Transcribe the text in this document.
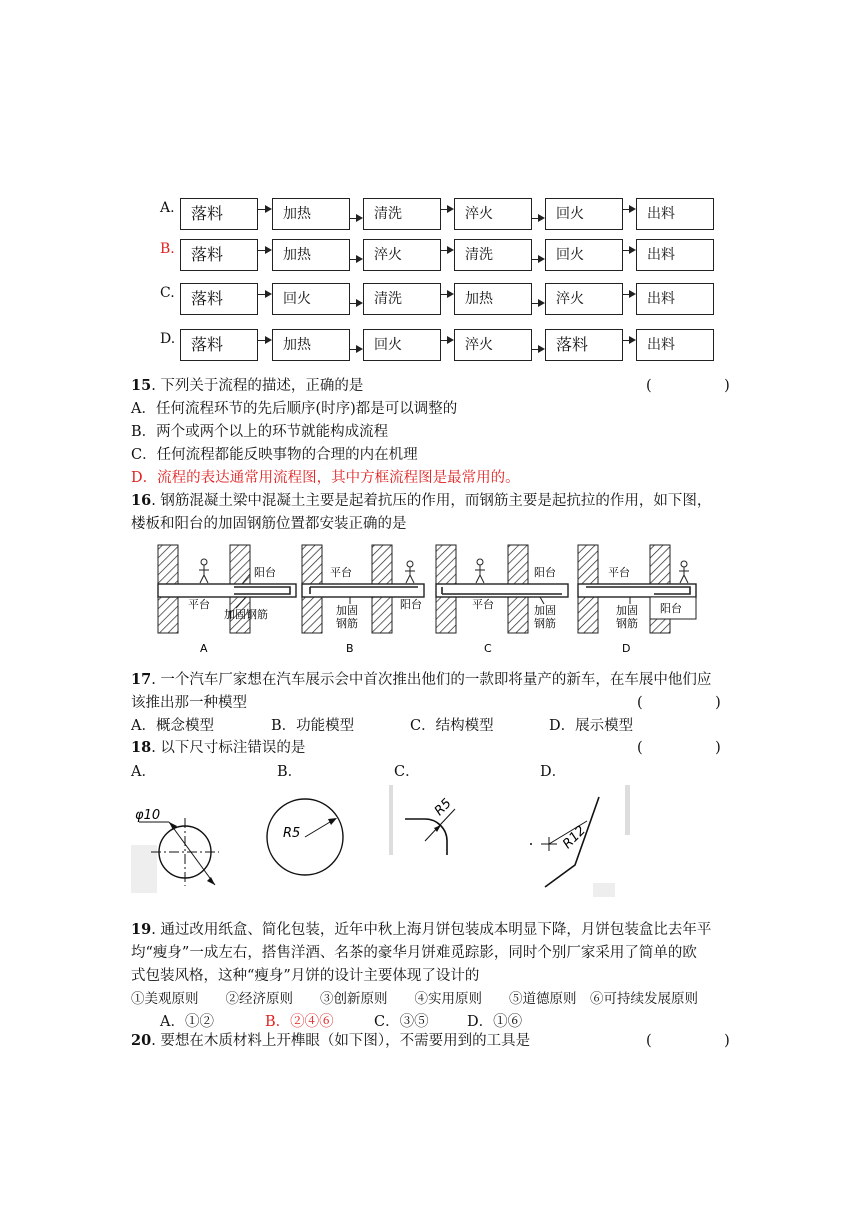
A.	落料	加热	清洗	淬火	回火	出料
B.	落料	加热	淬火	清洗	回火	出料
C.	落料	回火	清洗	加热	淬火	出料
D. 落料	加热	回火	淬火	落料	出料
15. 下列关于流程的描述，正确的是	(　　　　　)
A．任何流程环节的先后顺序(时序)都是可以调整的
B．两个或两个以上的环节就能构成流程
C．任何流程都能反映事物的合理的内在机理
D．流程的表达通常用流程图，其中方框流程图是最常用的。
16. 钢筋混凝土梁中混凝土主要是起着抗压的作用，而钢筋主要是起抗拉的作用，如下图，
楼板和阳台的加固钢筋位置都安装正确的是
阳台
平台
加固钢筋
A
平台
阳台
加固
钢筋
B
阳台
平台	加固
钢筋
C
平台
阳台
加固
钢筋
D
17. 一个汽车厂家想在汽车展示会中首次推出他们的一款即将量产的新车，在车展中他们应
该推出那一种模型	(　　　　　)
A．概念模型	B．功能模型	C．结构模型	D．展示模型
18. 以下尺寸标注错误的是	(　　　　　)
A．	B．	C．	D．
φ10
R5
R5
R12
19. 通过改用纸盒、简化包装，近年中秋上海月饼包装成本明显下降，月饼包装盒比去年平
均“瘦身”一成左右，搭售洋酒、名茶的豪华月饼难觅踪影，同时个别厂家采用了简单的欧
式包装风格，这种“瘦身”月饼的设计主要体现了设计的
①美观原则　　②经济原则　　③创新原则　　④实用原则　　⑤道德原则　⑥可持续发展原则
A．①②	B．②④⑥	C．③⑤	D．①⑥
20. 要想在木质材料上开榫眼（如下图），不需要用到的工具是	(　　　　　)
